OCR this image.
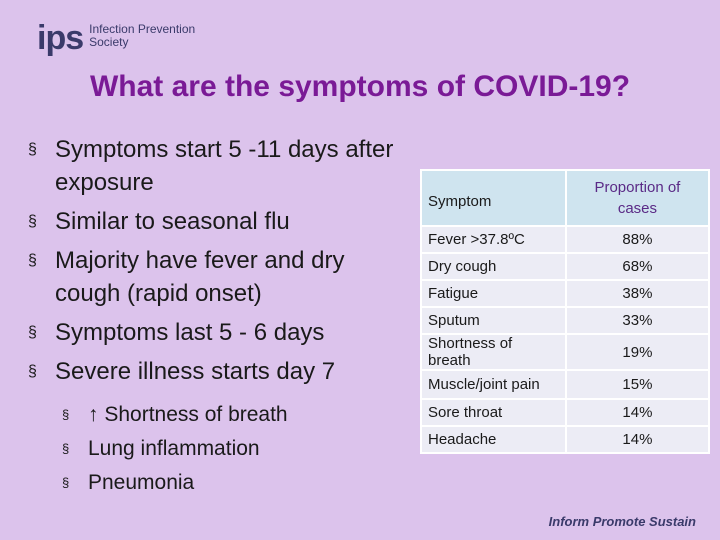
ips Infection Prevention
Society
What are the symptoms of COVID-19?
§ Symptoms start 5 -11 days after exposure
§ Similar to seasonal flu
§ Majority have fever and dry cough (rapid onset)
§ Symptoms last 5 - 6 days
§ Severe illness starts day 7
§ ↑ Shortness of breath
§ Lung inflammation
§ Pneumonia
Symptom	Proportion of cases
Fever >37.8ºC	88%
Dry cough	68%
Fatigue	38%
Sputum	33%
Shortness of breath	19%
Muscle/joint pain	15%
Sore throat	14%
Headache	14%
Inform Promote Sustain
